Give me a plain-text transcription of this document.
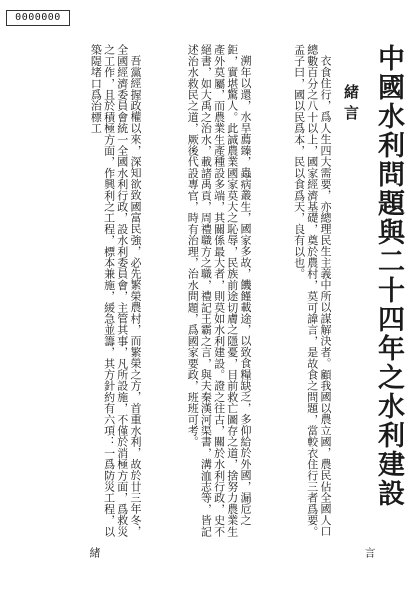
0000000
中國水利問題與二十四年之水利建設
緒言
衣食住行，爲人生四大需要，亦總理民生主義中所以謀解決者。顧我國以農立國，農民佔全國人口總數百分之八十以上，國家經濟基礎，奠於農村，莫可諱言，是故食之問題，當較衣住行三者爲要。孟子曰，國以民爲本，民以食爲天，良有以也。
溯年以還，水旱薦臻，蟲病叢生，國家多故，饑饉載途，以致食糧缺乏，多仰給於外國，漏卮之鉅，實堪驚人。此誠農業國家莫大之恥辱，民族前途切膚之隱憂，目前救亡圖存之道，捨努力農業生產外莫屬，而農業生產種設多端，其關係最大者，則莫如水利建設。證之往古，關於水利行政，史不絕書，如大禹之治水，載諸禹貢，周禮職方之職，禮記王霸之言，與夫秦漢河渠書，溝洫志等，皆記述治水救民之道，厥後代設專官，時有治理，治水問題，爲國家要政，班班可考。
吾黨經握政權以來，深知欲致國富民強，必先繁榮農村，而繁榮之方，首重水利，故於廿三年冬，全國經濟委員會統一全國水利行政，設水利委員會，主管其事，凡所設施，不僅於消極方面，爲救災之工作，且於積極方面，作興利之工程，標本兼施，緩急並籌，其方針約有六項：一爲防災工程，以築隄堵口爲治標工
緒	言
